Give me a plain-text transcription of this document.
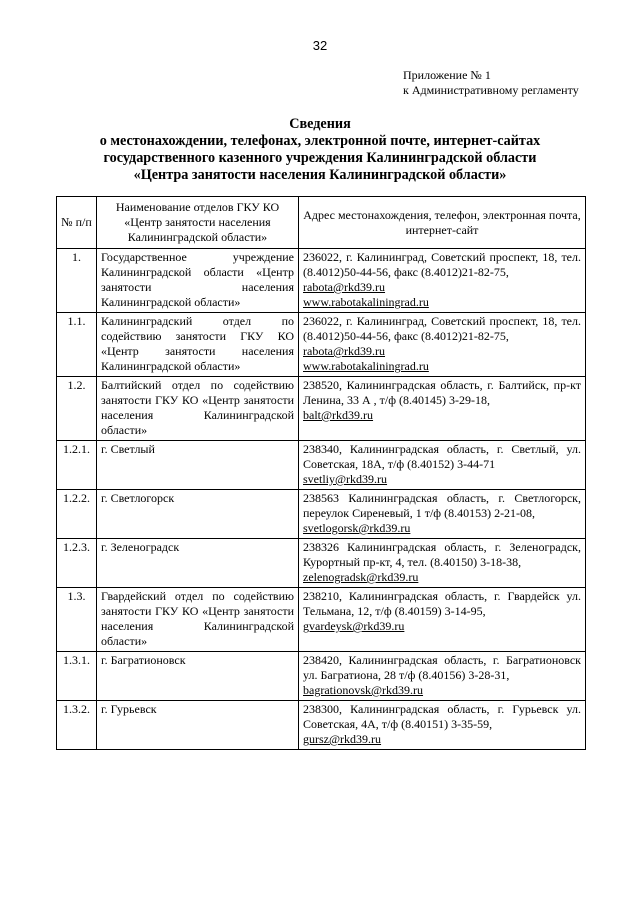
32
Приложение № 1
к Административному регламенту
Сведения
о местонахождении, телефонах, электронной почте, интернет-сайтах
государственного казенного учреждения Калининградской области
«Центра занятости населения Калининградской области»
№ п/п	Наименование отделов ГКУ КО «Центр занятости населения Калининградской области»	Адрес местонахождения, телефон, электронная почта, интернет-сайт
1.	Государственное учреждение Калининградской области «Центр занятости населения Калининградской области»	236022, г. Калининград, Советский проспект, 18, тел. (8.4012)50-44-56, факс (8.4012)21-82-75,
rabota@rkd39.ru
www.rabotakaliningrad.ru

1.1.	Калининградский отдел по содействию занятости ГКУ КО «Центр занятости населения Калининградской области»	236022, г. Калининград, Советский проспект, 18, тел. (8.4012)50-44-56, факс (8.4012)21-82-75,
rabota@rkd39.ru
www.rabotakaliningrad.ru

1.2.	Балтийский отдел по содействию занятости ГКУ КО «Центр занятости населения Калининградской области»	238520, Калининградская область, г. Балтийск, пр-кт Ленина, 33 А , т/ф (8.40145) 3-29-18,
balt@rkd39.ru

1.2.1.	г. Светлый	238340, Калининградская область, г. Светлый, ул. Советская, 18А, т/ф (8.40152) 3-44-71
svetliy@rkd39.ru

1.2.2.	г. Светлогорск	238563 Калининградская область, г. Светлогорск, переулок Сиреневый, 1 т/ф (8.40153) 2-21-08,
svetlogorsk@rkd39.ru

1.2.3.	г. Зеленоградск	238326 Калининградская область, г. Зеленоградск, Курортный пр-кт, 4, тел. (8.40150) 3-18-38,
zelenogradsk@rkd39.ru

1.3.	Гвардейский отдел по содействию занятости ГКУ КО «Центр занятости населения Калининградской области»	238210, Калининградская область, г. Гвардейск ул. Тельмана, 12, т/ф (8.40159) 3-14-95,
gvardeysk@rkd39.ru

1.3.1.	г. Багратионовск	238420, Калининградская область, г. Багратионовск ул. Багратиона, 28 т/ф (8.40156) 3-28-31,
bagrationovsk@rkd39.ru

1.3.2.	г. Гурьевск	238300, Калининградская область, г. Гурьевск ул. Советская, 4А, т/ф (8.40151) 3-35-59,
gursz@rkd39.ru
